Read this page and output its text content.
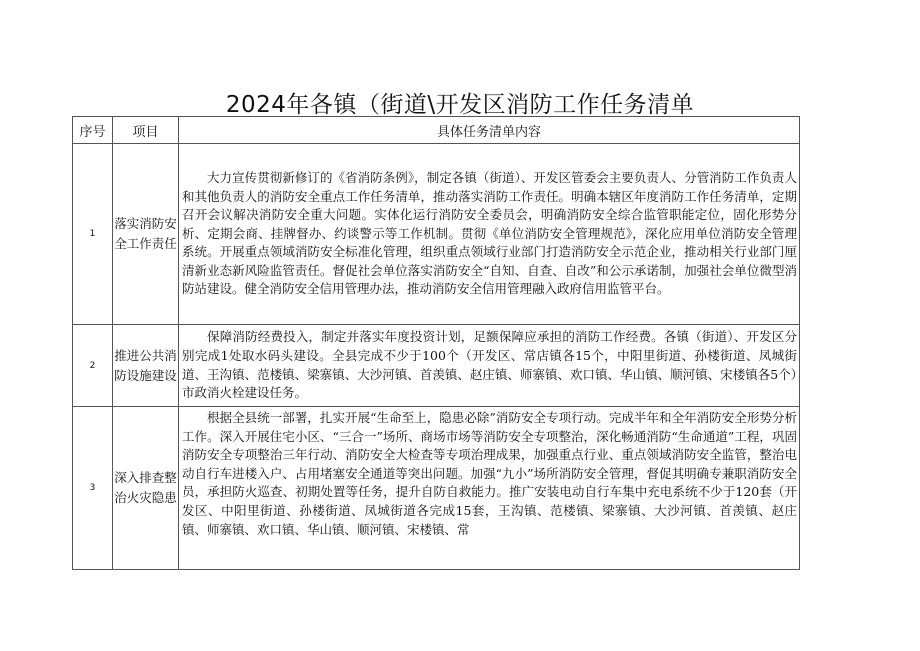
2024年各镇（街道\开发区消防工作任务清单
序号	项目	具体任务清单内容
1	落实消防安全工作责任	大力宣传贯彻新修订的《省消防条例》，制定各镇（街道）、开发区管委会主要负责人、分管消防工作负责人和其他负责人的消防安全重点工作任务清单，推动落实消防工作责任。明确本辖区年度消防工作任务清单，定期召开会议解决消防安全重大问题。实体化运行消防安全委员会，明确消防安全综合监管职能定位，固化形势分析、定期会商、挂牌督办、约谈警示等工作机制。贯彻《单位消防安全管理规范》，深化应用单位消防安全管理系统。开展重点领域消防安全标准化管理，组织重点领域行业部门打造消防安全示范企业，推动相关行业部门厘清新业态新风险监管责任。督促社会单位落实消防安全“自知、自查、自改”和公示承诺制，加强社会单位微型消防站建设。健全消防安全信用管理办法，推动消防安全信用管理融入政府信用监管平台。

2	推进公共消防设施建设	保障消防经费投入，制定并落实年度投资计划，足额保障应承担的消防工作经费。各镇（街道）、开发区分别完成1处取水码头建设。全县完成不少于100个（开发区、常店镇各15个，中阳里街道、孙楼街道、凤城街道、王沟镇、范楼镇、梁寨镇、大沙河镇、首羡镇、赵庄镇、师寨镇、欢口镇、华山镇、顺河镇、宋楼镇各5个）市政消火栓建设任务。

3	深入排查整治火灾隐患	根据全县统一部署，扎实开展“生命至上，隐患必除”消防安全专项行动。完成半年和全年消防安全形势分析工作。深入开展住宅小区、“三合一”场所、商场市场等消防安全专项整治，深化畅通消防“生命通道”工程，巩固消防安全专项整治三年行动、消防安全大检查等专项治理成果，加强重点行业、重点领域消防安全监管，整治电动自行车进楼入户、占用堵塞安全通道等突出问题。加强“九小”场所消防安全管理，督促其明确专兼职消防安全员，承担防火巡查、初期处置等任务，提升自防自救能力。推广安装电动自行车集中充电系统不少于120套（开发区、中阳里街道、孙楼街道、凤城街道各完成15套，王沟镇、范楼镇、梁寨镇、大沙河镇、首羡镇、赵庄镇、师寨镇、欢口镇、华山镇、顺河镇、宋楼镇、常
